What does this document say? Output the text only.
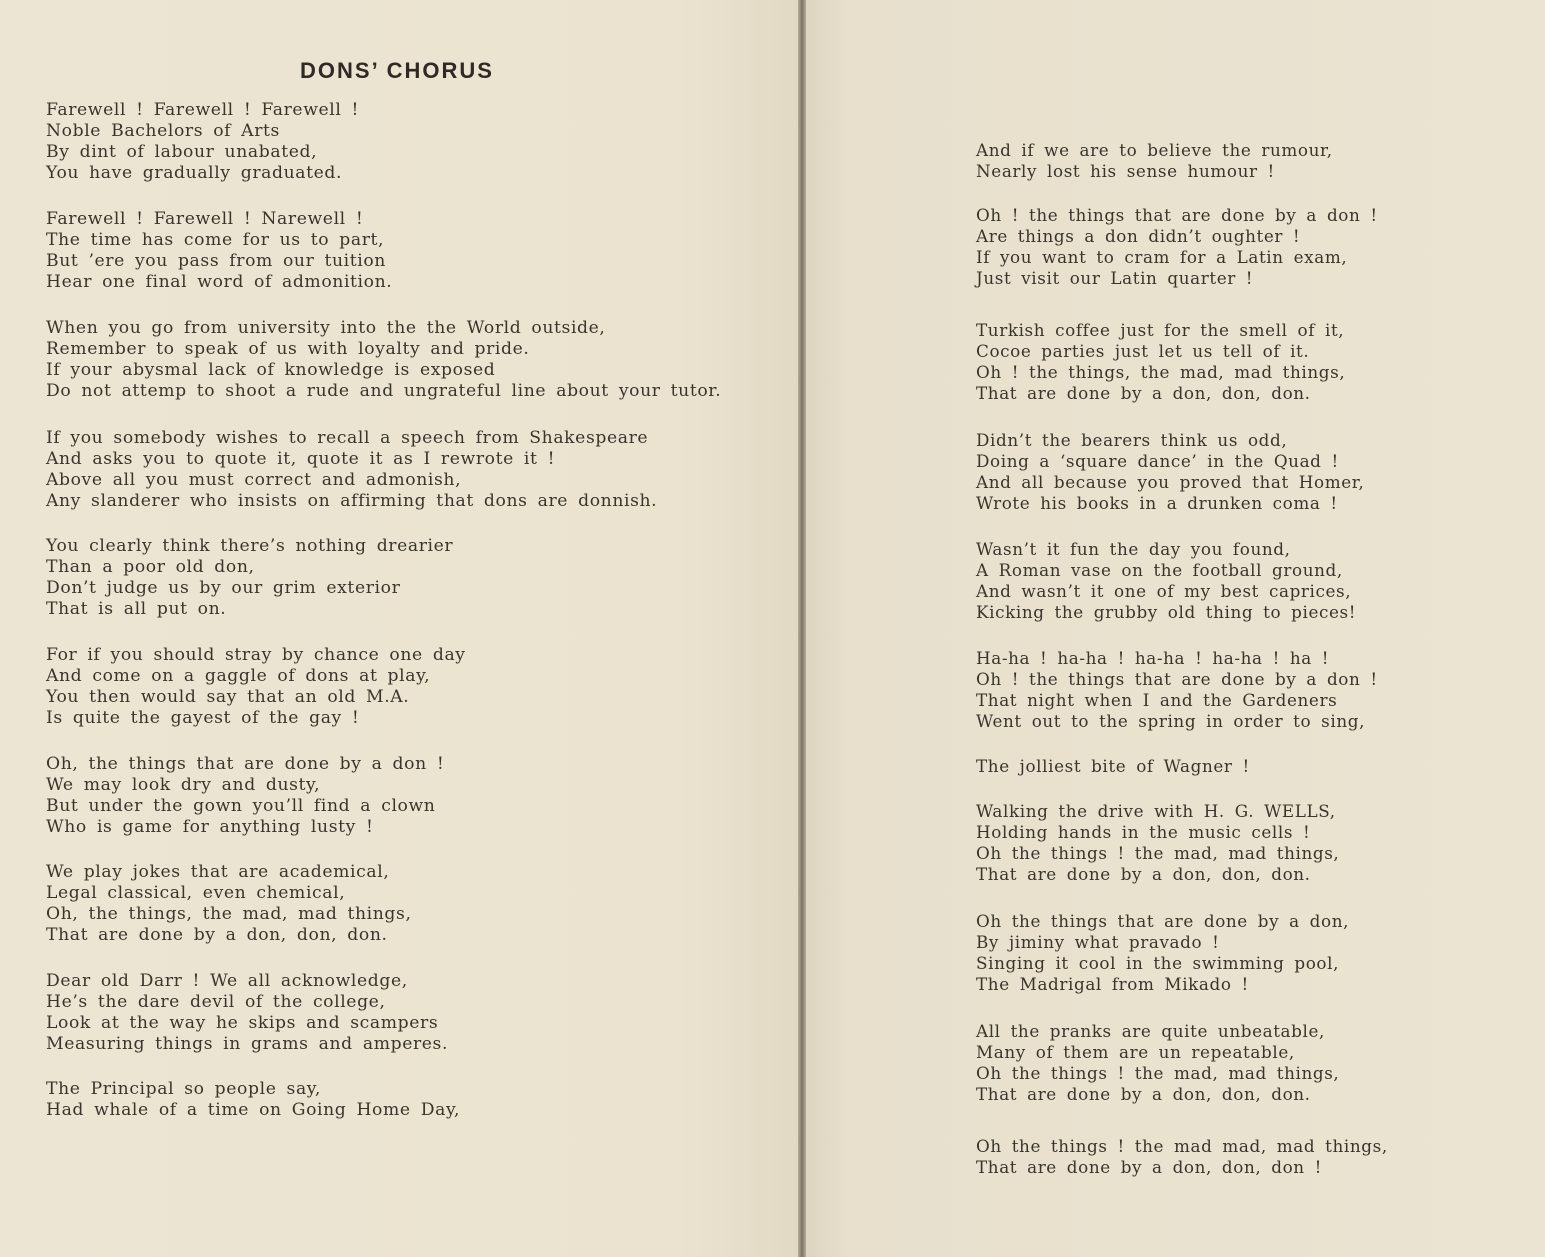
DONS’ CHORUS
Farewell ! Farewell ! Farewell !
Noble Bachelors of Arts
By dint of labour unabated,
You have gradually graduated.
Farewell ! Farewell ! Narewell !
The time has come for us to part,
But ’ere you pass from our tuition
Hear one final word of admonition.
When you go from university into the the World outside,
Remember to speak of us with loyalty and pride.
If your abysmal lack of knowledge is exposed
Do not attemp to shoot a rude and ungrateful line about your tutor.
If you somebody wishes to recall a speech from Shakespeare
And asks you to quote it, quote it as I rewrote it !
Above all you must correct and admonish,
Any slanderer who insists on affirming that dons are donnish.
You clearly think there’s nothing drearier
Than a poor old don,
Don’t judge us by our grim exterior
That is all put on.
For if you should stray by chance one day
And come on a gaggle of dons at play,
You then would say that an old M.A.
Is quite the gayest of the gay !
Oh, the things that are done by a don !
We may look dry and dusty,
But under the gown you’ll find a clown
Who is game for anything lusty !
We play jokes that are academical,
Legal classical, even chemical,
Oh, the things, the mad, mad things,
That are done by a don, don, don.
Dear old Darr ! We all acknowledge,
He’s the dare devil of the college,
Look at the way he skips and scampers
Measuring things in grams and amperes.
The Principal so people say,
Had whale of a time on Going Home Day,
And if we are to believe the rumour,
Nearly lost his sense humour !
Oh ! the things that are done by a don !
Are things a don didn’t oughter !
If you want to cram for a Latin exam,
Just visit our Latin quarter !
Turkish coffee just for the smell of it,
Cocoe parties just let us tell of it.
Oh ! the things, the mad, mad things,
That are done by a don, don, don.
Didn’t the bearers think us odd,
Doing a ‘square dance’ in the Quad !
And all because you proved that Homer,
Wrote his books in a drunken coma !
Wasn’t it fun the day you found,
A Roman vase on the football ground,
And wasn’t it one of my best caprices,
Kicking the grubby old thing to pieces!
Ha-ha ! ha-ha ! ha-ha ! ha-ha ! ha !
Oh ! the things that are done by a don !
That night when I and the Gardeners
Went out to the spring in order to sing,
The jolliest bite of Wagner !
Walking the drive with H. G. WELLS,
Holding hands in the music cells !
Oh the things ! the mad, mad things,
That are done by a don, don, don.
Oh the things that are done by a don,
By jiminy what pravado !
Singing it cool in the swimming pool,
The Madrigal from Mikado !
All the pranks are quite unbeatable,
Many of them are un repeatable,
Oh the things ! the mad, mad things,
That are done by a don, don, don.
Oh the things ! the mad mad, mad things,
That are done by a don, don, don !
